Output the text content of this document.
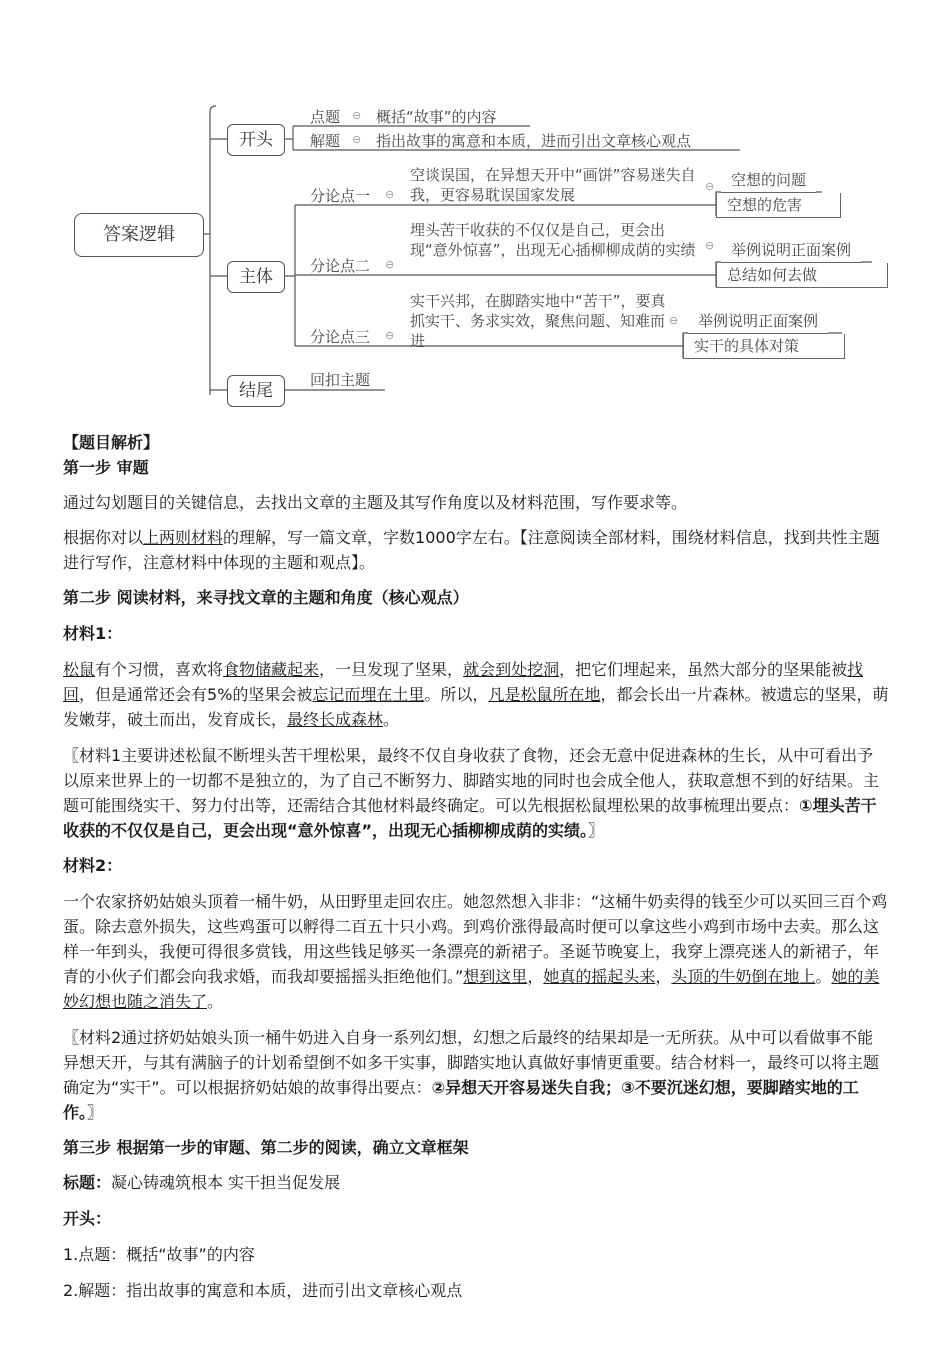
答案逻辑
开头
主体
结尾
点题 ⊖ 概括“故事”的内容
解题 ⊖ 指出故事的寓意和本质，进而引出文章核心观点
分论点一 ⊖
空谈误国，在异想天开中“画饼”容易迷失自我，更容易耽误国家发展	⊖	空想的问题
空想的危害
分论点二 ⊖
埋头苦干收获的不仅仅是自己，更会出现“意外惊喜”，出现无心插柳柳成荫的实绩 ⊖	举例说明正面案例
总结如何去做
分论点三 ⊖
实干兴邦，在脚踏实地中“苦干”，要真抓实干、务求实效，聚焦问题、知难而进
⊖	举例说明正面案例
实干的具体对策
回扣主题

【题目解析】

第一步 审题

通过勾划题目的关键信息，去找出文章的主题及其写作角度以及材料范围，写作要求等。

根据你对以上两则材料的理解，写一篇文章，字数1000字左右。【注意阅读全部材料，围绕材料信息，找到共性主题进行写作，注意材料中体现的主题和观点】。

第二步 阅读材料，来寻找文章的主题和角度（核心观点）

材料1：

松鼠有个习惯，喜欢将食物储藏起来，一旦发现了坚果，就会到处挖洞，把它们埋起来，虽然大部分的坚果能被找回，但是通常还会有5%的坚果会被忘记而埋在土里。所以，凡是松鼠所在地，都会长出一片森林。被遗忘的坚果，萌发嫩芽，破土而出，发育成长，最终长成森林。

〖材料1主要讲述松鼠不断埋头苦干埋松果，最终不仅自身收获了食物，还会无意中促进森林的生长，从中可看出予以原来世界上的一切都不是独立的，为了自己不断努力、脚踏实地的同时也会成全他人，获取意想不到的好结果。主题可能围绕实干、努力付出等，还需结合其他材料最终确定。可以先根据松鼠埋松果的故事梳理出要点：①埋头苦干收获的不仅仅是自己，更会出现“意外惊喜”，出现无心插柳柳成荫的实绩。〗

材料2：

一个农家挤奶姑娘头顶着一桶牛奶，从田野里走回农庄。她忽然想入非非：“这桶牛奶卖得的钱至少可以买回三百个鸡蛋。除去意外损失，这些鸡蛋可以孵得二百五十只小鸡。到鸡价涨得最高时便可以拿这些小鸡到市场中去卖。那么这样一年到头，我便可得很多赏钱，用这些钱足够买一条漂亮的新裙子。圣诞节晚宴上，我穿上漂亮迷人的新裙子，年青的小伙子们都会向我求婚，而我却要摇摇头拒绝他们。”想到这里，她真的摇起头来，头顶的牛奶倒在地上。她的美妙幻想也随之消失了。

〖材料2通过挤奶姑娘头顶一桶牛奶进入自身一系列幻想，幻想之后最终的结果却是一无所获。从中可以看做事不能异想天开，与其有满脑子的计划希望倒不如多干实事，脚踏实地认真做好事情更重要。结合材料一，最终可以将主题确定为“实干”。可以根据挤奶姑娘的故事得出要点：②异想天开容易迷失自我；③不要沉迷幻想，要脚踏实地的工作。〗

第三步 根据第一步的审题、第二步的阅读，确立文章框架

标题：凝心铸魂筑根本 实干担当促发展

开头：

1.点题：概括“故事”的内容

2.解题：指出故事的寓意和本质，进而引出文章核心观点
